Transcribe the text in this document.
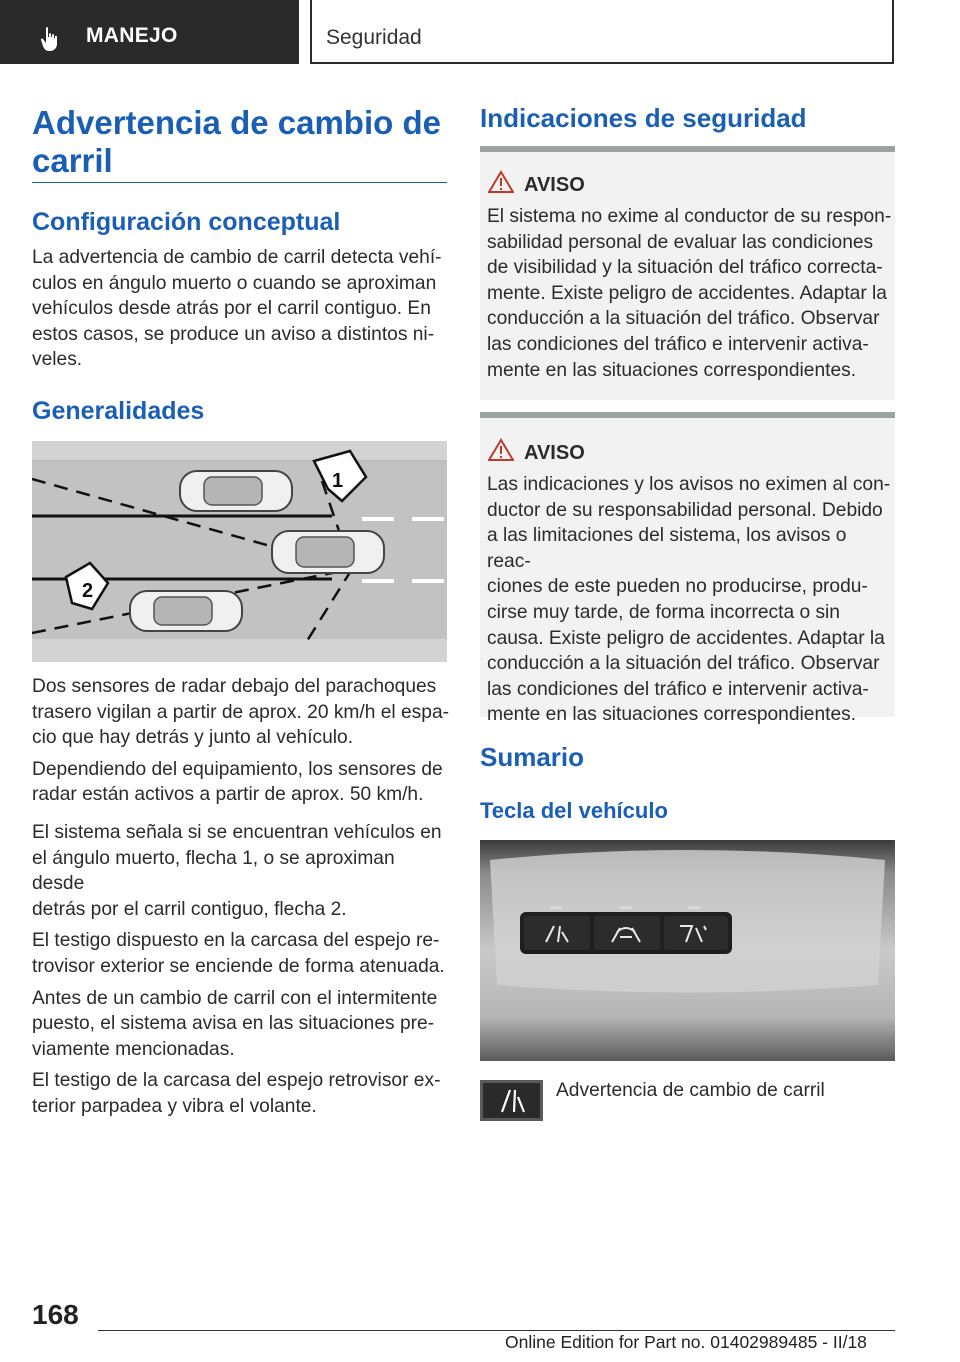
MANEJO	Seguridad
Advertencia de cambio de carril
Configuración conceptual

La advertencia de cambio de carril detecta vehí-

culos en ángulo muerto o cuando se aproximan

vehículos desde atrás por el carril contiguo. En

estos casos, se produce un aviso a distintos ni-

veles.

Generalidades
1
2

Dos sensores de radar debajo del parachoques

trasero vigilan a partir de aprox. 20 km/h el espa-

cio que hay detrás y junto al vehículo.

Dependiendo del equipamiento, los sensores de

radar están activos a partir de aprox. 50 km/h.

El sistema señala si se encuentran vehículos en

el ángulo muerto, flecha 1, o se aproximan desde

detrás por el carril contiguo, flecha 2.

El testigo dispuesto en la carcasa del espejo re-

trovisor exterior se enciende de forma atenuada.

Antes de un cambio de carril con el intermitente

puesto, el sistema avisa en las situaciones pre-

viamente mencionadas.

El testigo de la carcasa del espejo retrovisor ex-

terior parpadea y vibra el volante.

Indicaciones de seguridad
AVISO
El sistema no exime al conductor de su respon-
sabilidad personal de evaluar las condiciones
de visibilidad y la situación del tráfico correcta-
mente. Existe peligro de accidentes. Adaptar la
conducción a la situación del tráfico. Observar
las condiciones del tráfico e intervenir activa-
mente en las situaciones correspondientes.
AVISO
Las indicaciones y los avisos no eximen al con-
ductor de su responsabilidad personal. Debido
a las limitaciones del sistema, los avisos o reac-
ciones de este pueden no producirse, produ-
cirse muy tarde, de forma incorrecta o sin
causa. Existe peligro de accidentes. Adaptar la
conducción a la situación del tráfico. Observar
las condiciones del tráfico e intervenir activa-
mente en las situaciones correspondientes.
Sumario
Tecla del vehículo
Advertencia de cambio de carril
168
Online Edition for Part no. 01402989485 - II/18
